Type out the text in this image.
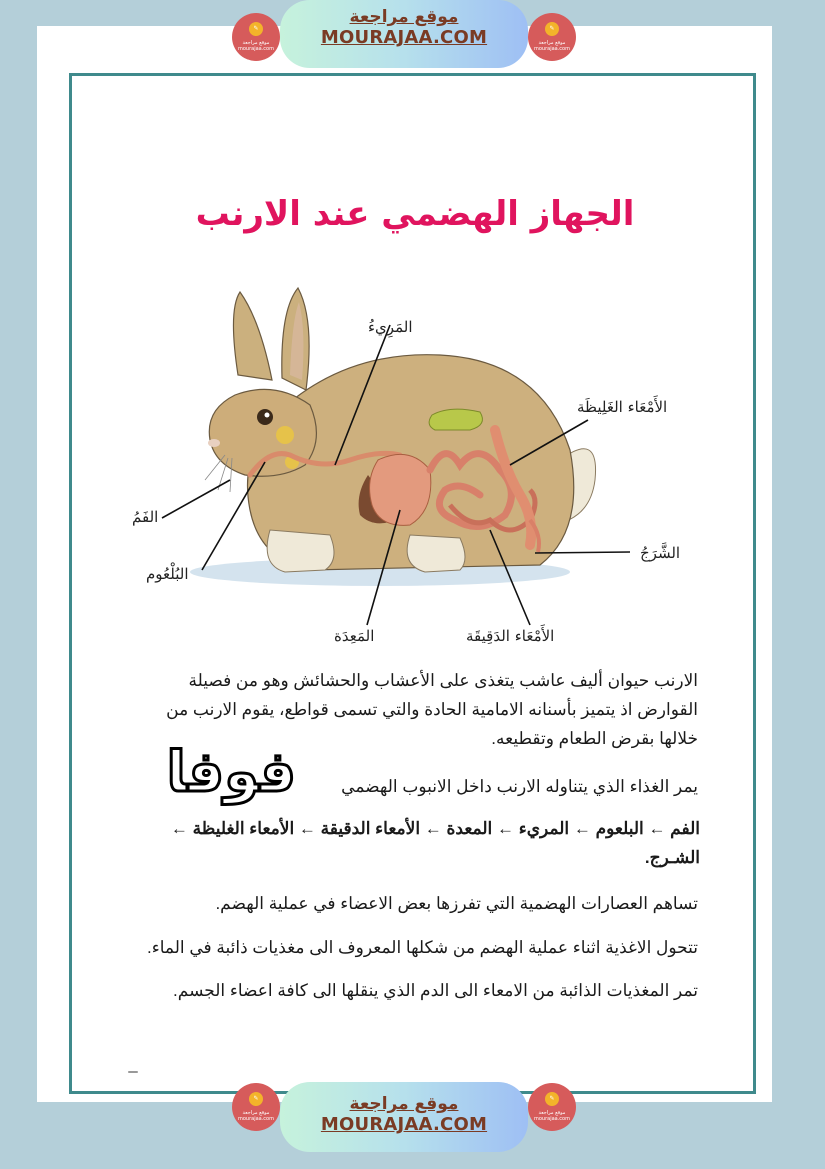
✎
موقع مراجعة
mourajaa.com
موقع مراجعة
MOURAJAA.COM	✎
موقع مراجعة
mourajaa.com
الجهاز الهضمي عند الارنب
المَرِيءُ
الأَمْعَاء الغَلِيظَة
الفَمُ
البُلْعُوم
الشَّرَجُ
المَعِدَة	الأَمْعَاء الدَقِيقَة
الارنب حيوان أليف عاشب يتغذى على الأعشاب والحشائش وهو من فصيلة القوارض اذ يتميز بأسنانه الامامية الحادة والتي تسمى قواطع، يقوم الارنب من خلالها بقرض الطعام وتقطيعه.
يمر الغذاء الذي يتناوله الارنب داخل الانبوب الهضمي
الفم ← البلعوم ← المريء ← المعدة ← الأمعاء الدقيقة ← الأمعاء الغليظة ← الشـرج.
تساهم العصارات الهضمية التي تفرزها بعض الاعضاء في عملية الهضم.
تتحول الاغذية اثناء عملية الهضم من شكلها المعروف الى مغذيات ذائبة في الماء.
تمر المغذيات الذائبة من الامعاء الى الدم الذي ينقلها الى كافة اعضاء الجسم.
فوفا
✎
موقع مراجعة
mourajaa.com
موقع مراجعة
MOURAJAA.COM
✎
موقع مراجعة
mourajaa.com
